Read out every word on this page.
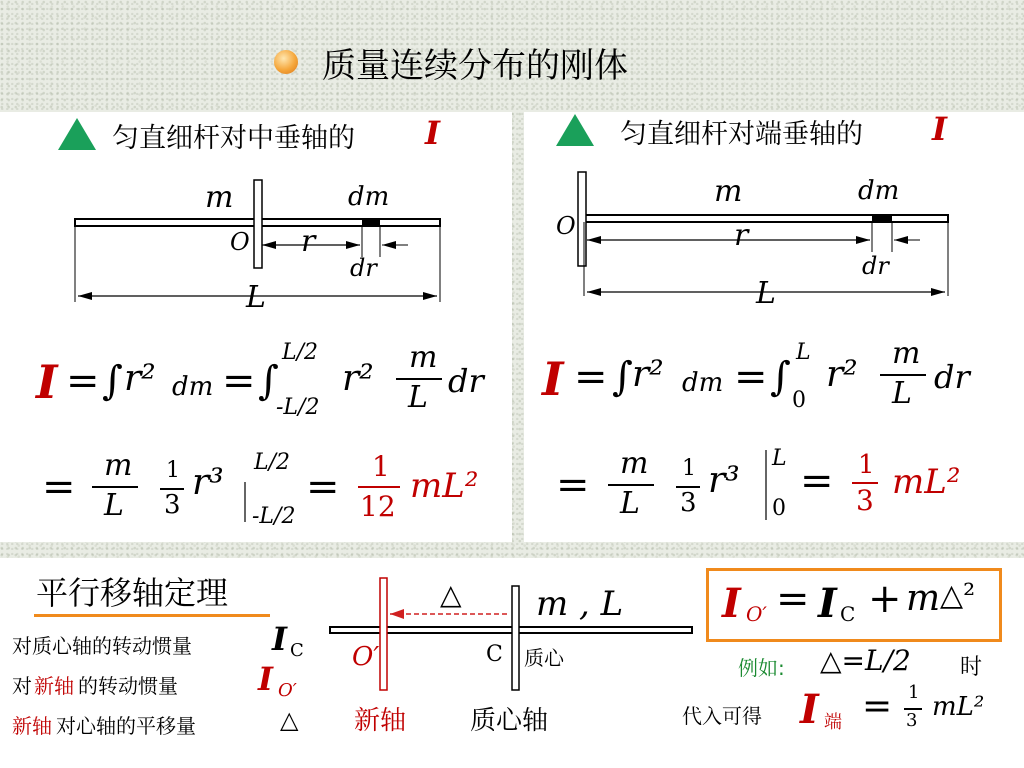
质量连续分布的刚体
匀直细杆对中垂轴的 I
m	dm
O r
dr
L
I = ∫ r² dm = ∫
L/2
-L/2
r²
m
L dr
= m
L
1
3
r³ L/2
-L/2
= 1
12
mL²
匀直细杆对端垂轴的 I
m	dm
O	r
dr
L
I = ∫ r² dm = ∫
L
0
r²
m
L dr
= m
L
1
3
r³
L
0
= 1
3 mL²
平行移轴定理
对质心轴的转动惯量	I C
对 新轴 的转动惯量	I O′
新轴 对心轴的平移量	△
△ m , L
O′	C 质心
新轴 质心轴
I O′ = I C + m △²
例如: △=L/2 时
代入可得 I 端 = 1
3 mL²
